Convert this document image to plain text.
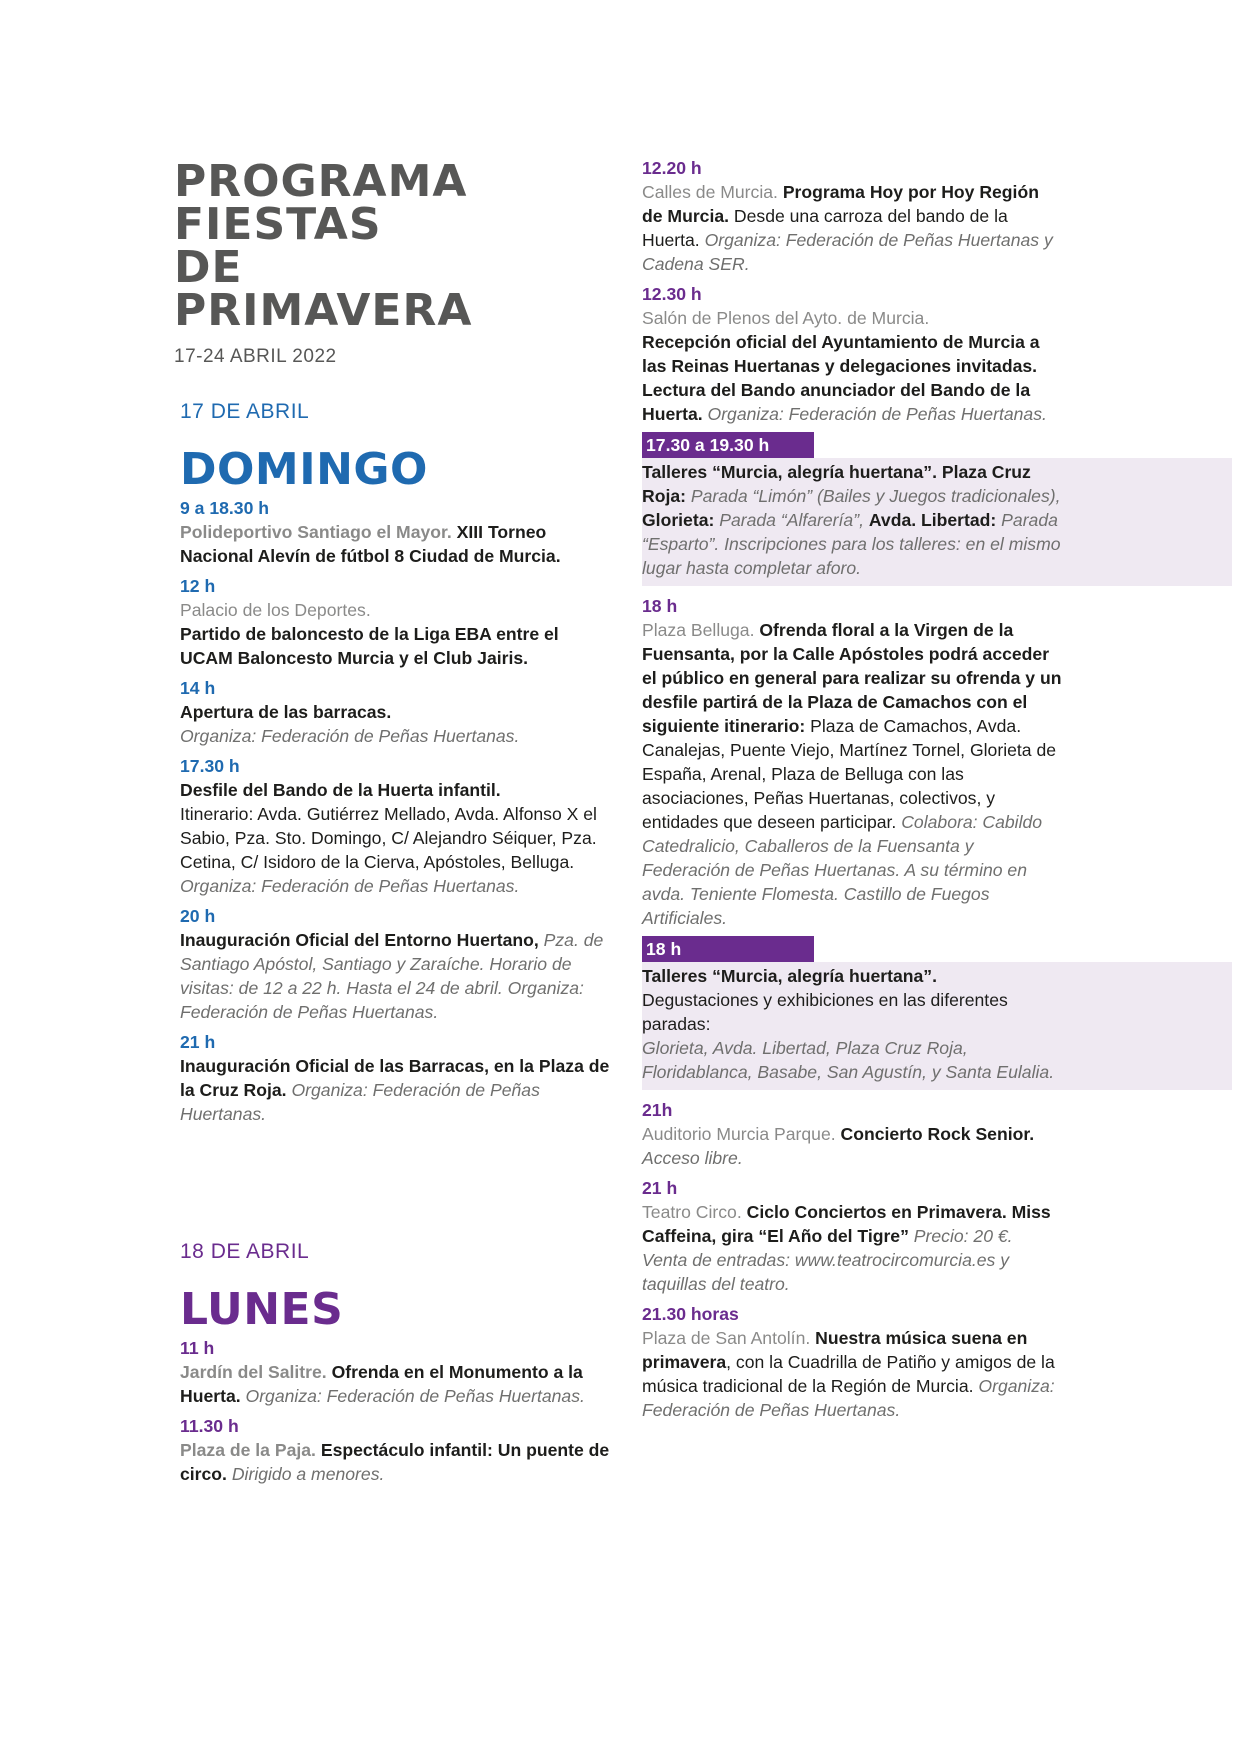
PROGRAMA
FIESTAS
DE
PRIMAVERA
17-24 ABRIL 2022

17 DE ABRIL

DOMINGO
9 a 18.30 h
Polideportivo Santiago el Mayor. XIII Torneo Nacional Alevín de fútbol 8 Ciudad de Murcia.
12 h
Palacio de los Deportes.
Partido de baloncesto de la Liga EBA entre el UCAM Baloncesto Murcia y el Club Jairis.
14 h
Apertura de las barracas.
Organiza: Federación de Peñas Huertanas.
17.30 h
Desfile del Bando de la Huerta infantil.
Itinerario: Avda. Gutiérrez Mellado, Avda. Alfonso X el Sabio, Pza. Sto. Domingo, C/ Alejandro Séiquer, Pza. Cetina, C/ Isidoro de la Cierva, Apóstoles, Belluga. Organiza: Federación de Peñas Huertanas.
20 h
Inauguración Oficial del Entorno Huertano, Pza. de Santiago Apóstol, Santiago y Zaraíche. Horario de visitas: de 12 a 22 h. Hasta el 24 de abril. Organiza: Federación de Peñas Huertanas.
21 h
Inauguración Oficial de las Barracas, en la Plaza de la Cruz Roja. Organiza: Federación de Peñas Huertanas.

18 DE ABRIL

LUNES
11 h
Jardín del Salitre. Ofrenda en el Monumento a la Huerta. Organiza: Federación de Peñas Huertanas.
11.30 h
Plaza de la Paja. Espectáculo infantil: Un puente de circo. Dirigido a menores.
12.20 h
Calles de Murcia. Programa Hoy por Hoy Región de Murcia. Desde una carroza del bando de la Huerta. Organiza: Federación de Peñas Huertanas y Cadena SER.
12.30 h
Salón de Plenos del Ayto. de Murcia.
Recepción oficial del Ayuntamiento de Murcia a las Reinas Huertanas y delegaciones invitadas. Lectura del Bando anunciador del Bando de la Huerta. Organiza: Federación de Peñas Huertanas.
17.30 a 19.30 h
Talleres “Murcia, alegría huertana”. Plaza Cruz Roja: Parada “Limón” (Bailes y Juegos tradicionales), Glorieta: Parada “Alfarería”, Avda. Libertad: Parada “Esparto”. Inscripciones para los talleres: en el mismo lugar hasta completar aforo.
18 h
Plaza Belluga. Ofrenda floral a la Virgen de la Fuensanta, por la Calle Apóstoles podrá acceder el público en general para realizar su ofrenda y un desfile partirá de la Plaza de Camachos con el siguiente itinerario: Plaza de Camachos, Avda. Canalejas, Puente Viejo, Martínez Tornel, Glorieta de España, Arenal, Plaza de Belluga con las asociaciones, Peñas Huertanas, colectivos, y entidades que deseen participar. Colabora: Cabildo Catedralicio, Caballeros de la Fuensanta y Federación de Peñas Huertanas. A su término en avda. Teniente Flomesta. Castillo de Fuegos Artificiales.
18 h
Talleres “Murcia, alegría huertana”.
Degustaciones y exhibiciones en las diferentes paradas:
Glorieta, Avda. Libertad, Plaza Cruz Roja, Floridablanca, Basabe, San Agustín, y Santa Eulalia.
21h
Auditorio Murcia Parque. Concierto Rock Senior. Acceso libre.
21 h
Teatro Circo. Ciclo Conciertos en Primavera. Miss Caffeina, gira “El Año del Tigre” Precio: 20 €. Venta de entradas: www.teatrocircomurcia.es y taquillas del teatro.
21.30 horas
Plaza de San Antolín. Nuestra música suena en primavera, con la Cuadrilla de Patiño y amigos de la música tradicional de la Región de Murcia. Organiza: Federación de Peñas Huertanas.
